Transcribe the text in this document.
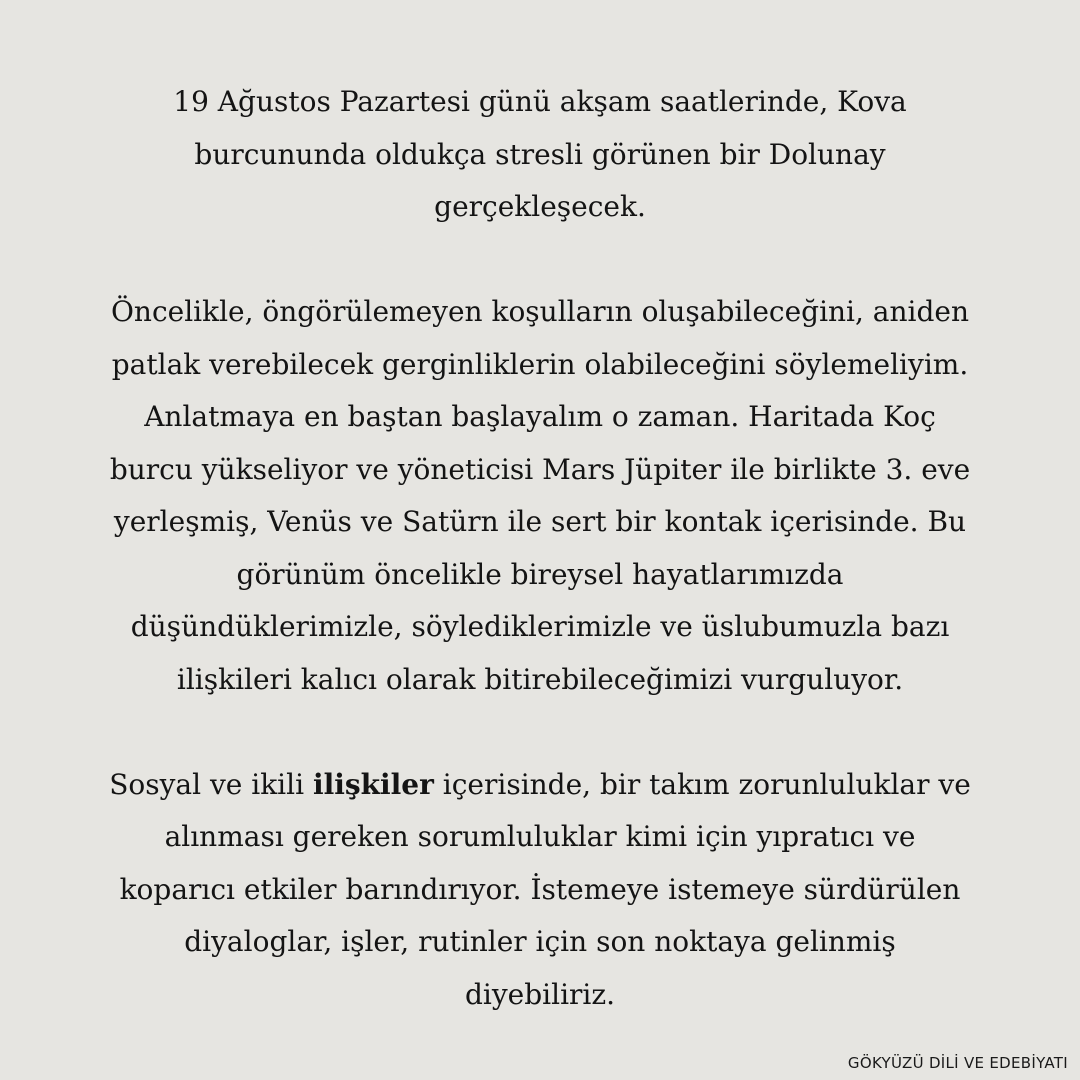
19 Ağustos Pazartesi günü akşam saatlerinde, Kova
burcununda oldukça stresli görünen bir Dolunay
gerçekleşecek.

Öncelikle, öngörülemeyen koşulların oluşabileceğini, aniden
patlak verebilecek gerginliklerin olabileceğini söylemeliyim.
Anlatmaya en baştan başlayalım o zaman. Haritada Koç
burcu yükseliyor ve yöneticisi Mars Jüpiter ile birlikte 3. eve
yerleşmiş, Venüs ve Satürn ile sert bir kontak içerisinde. Bu
görünüm öncelikle bireysel hayatlarımızda
düşündüklerimizle, söylediklerimizle ve üslubumuzla bazı
ilişkileri kalıcı olarak bitirebileceğimizi vurguluyor.

Sosyal ve ikili ilişkiler içerisinde, bir takım zorunluluklar ve
alınması gereken sorumluluklar kimi için yıpratıcı ve
koparıcı etkiler barındırıyor. İstemeye istemeye sürdürülen
diyaloglar, işler, rutinler için son noktaya gelinmiş
diyebiliriz.

GÖKYÜZÜ DİLİ VE EDEBİYATI
